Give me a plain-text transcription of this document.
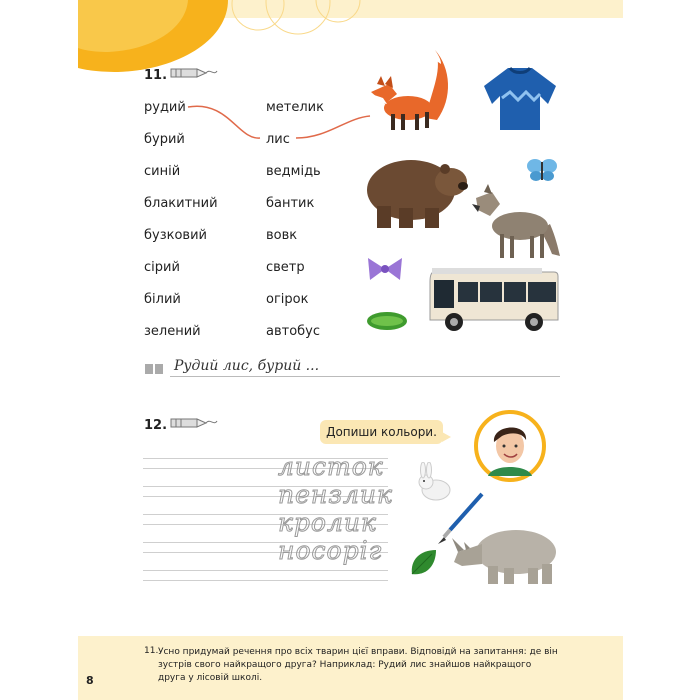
11.
рудий
бурий
синій
блакитний
бузковий
сірий
білий
зелений
метелик
лис
ведмідь
бантик
вовк
светр
огірок
автобус
Рудий лис, бурий ...
12.	Допиши кольори.
листок
пензлик
кролик
носоріг
11. Усно придумай речення про всіх тварин цієї вправи. Відповідй на запитання: де він зустрів свого найкращого друга? Наприклад: Рудий лис знайшов найкращого друга у лісовій школі.
8
